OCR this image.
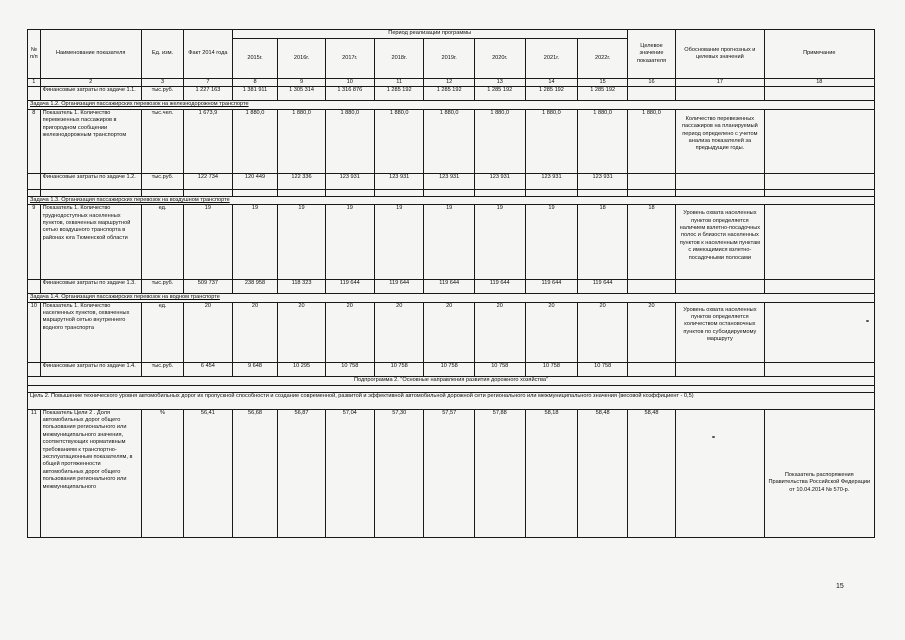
№ п/п	Наименование показателя	Ед. изм.	Факт 2014 года	Период реализации программы								Целевое значение показателя	Обоснование прогнозных и целевых значений	Примечание
				2015г.	2016г.	2017г.	2018г.	2019г.	2020г.	2021г.	2022г.			
1	2	3	7	8	9	10	11	12	13	14	15	16	17	18
	Финансовые затраты по задаче 1.1.	тыс.руб.	1 227 163	1 381 911	1 305 314	1 316 876	1 285 192	1 285 192	1 285 192	1 285 192	1 285 192			
Задача 1.2. Организация пассажирских перевозок на железнодорожном транспорте														
8	Показатель 1. Количество перевезенных пассажиров в пригородном сообщении железнодорожным транспортом	тыс.чел.	1 673,9	1 880,0	1 880,0	1 880,0	1 880,0	1 880,0	1 880,0	1 880,0	1 880,0	1 880,0	Количество перевезенных пассажиров на планируемый период определено с учетом анализа показателей за предыдущие годы.	
	Финансовые затраты по задаче 1.2.	тыс.руб.	122 734	120 449	122 336	123 931	123 931	123 931	123 931	123 931	123 931			

Задача 1.3. Организация пассажирских перевозок на воздушном транспорте														
9	Показатель 1. Количество труднодоступных населенных пунктов, охваченных маршрутной сетью воздушного транспорта в районах юга Тюменской области	ед.	19	19	19	19	19	19	19	19	18	18	Уровень охвата населенных пунктов определяется наличием взлетно-посадочных полос и близости населенных пунктов к населенным пунктам с имеющимися взлетно-посадочными полосами	
	Финансовые затраты по задаче 1.3.	тыс.руб.	509 737	238 958	118 323	119 644	119 644	119 644	119 644	119 644	119 644			
Задача 1.4. Организация пассажирских перевозок на водном транспорте														
10	Показатель 1. Количество населенных пунктов, охваченных маршрутной сетью внутреннего водного транспорта	ед.	20	20	20	20	20	20	20	20	20	20	Уровень охвата населенных пунктов определяется количеством остановочных пунктов по субсидируемому маршруту	
	Финансовые затраты по задаче 1.4.	тыс.руб.	6 454	9 648	10 295	10 758	10 758	10 758	10 758	10 758	10 758			
Подпрограмма 2. "Основные направления развития дорожного хозяйства"														

Цель 2. Повышение технического уровня автомобильных дорог их пропускной способности и создание современной, развитой и эффективной автомобильной дорожной сети регионального или межмуниципального значения (весовой коэффициент - 0,5)														
11	Показатель Цели 2 . Доля автомобильных дорог общего пользования регионального или межмуниципального значения, соответствующих нормативным требованиям к транспортно-эксплуатационным показателям, в общей протяженности автомобильных дорог общего пользования регионального или межмуниципального	%	56,41	56,68	56,87	57,04	57,30	57,57	57,88	58,18	58,48	58,48		Показатель распоряжения Правительства Российской Федерации от 10.04.2014 № 570-р.
15
